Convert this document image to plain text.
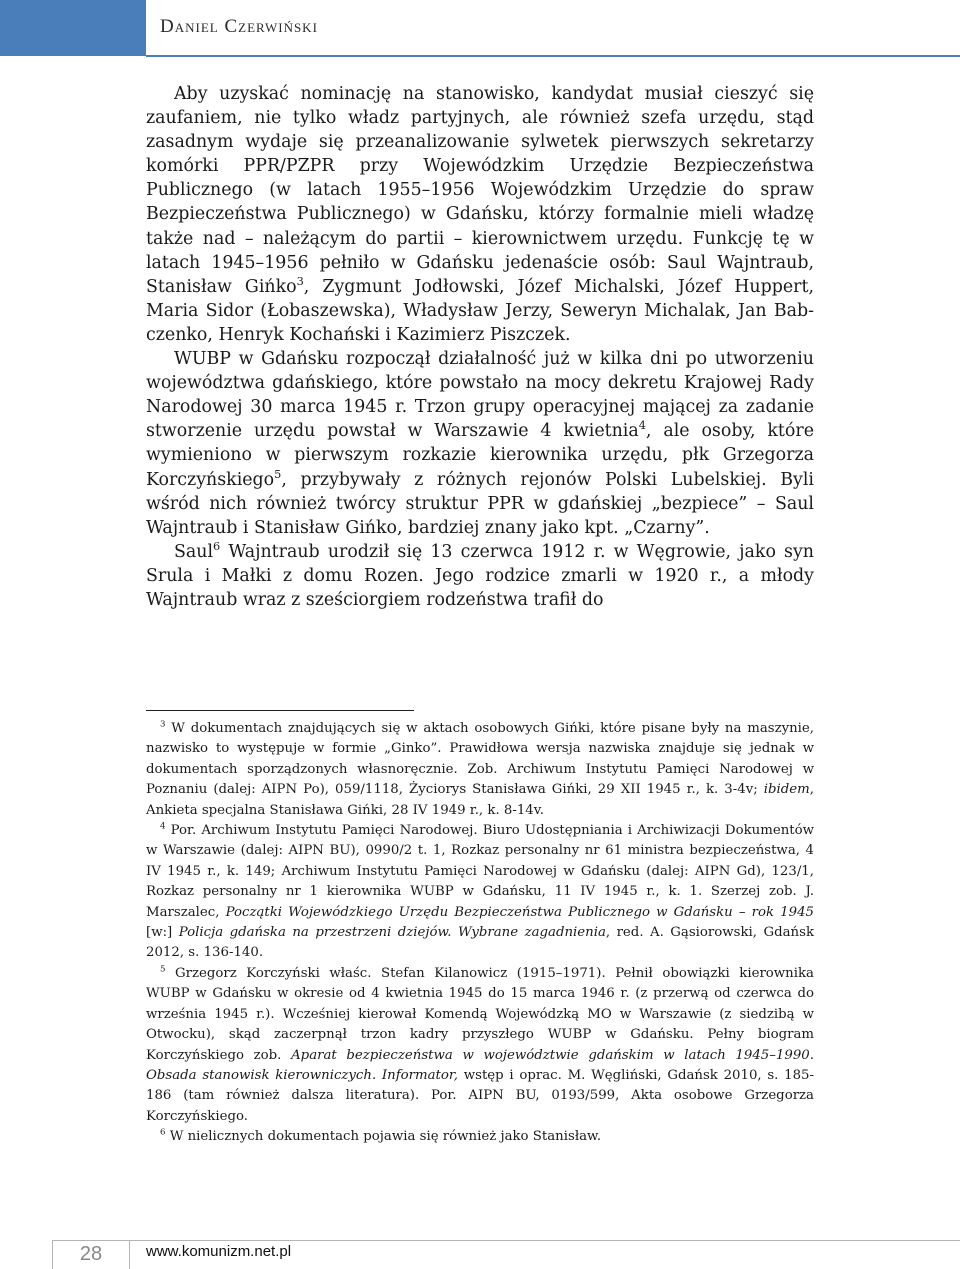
Daniel Czerwiński

Aby uzyskać nominację na stanowisko, kandydat musiał cieszyć się zaufaniem, nie tylko władz partyjnych, ale również szefa urzędu, stąd zasadnym wydaje się przeanalizowanie sylwetek pierwszych sekretarzy komórki PPR/PZPR przy Wojewódzkim Urzędzie Bezpieczeństwa Publicznego (w latach 1955–1956 Wojewódzkim Urzędzie do spraw Bezpieczeństwa Publicznego) w Gdańsku, którzy formalnie mieli władzę także nad – należącym do partii – kierownictwem urzędu. Funkcję tę w latach 1945–1956 pełniło w Gdańsku jedenaście osób: Saul Wajntraub, Stanisław Gińko$^3$, Zygmunt Jodłowski, Józef Michalski, Józef Huppert, Maria Sidor (Łobaszewska), Władysław Jerzy, Seweryn Michalak, Jan Babczenko, Henryk Kochański i Kazimierz Piszczek.

WUBP w Gdańsku rozpoczął działalność już w kilka dni po utworzeniu województwa gdańskiego, które powstało na mocy dekretu Krajowej Rady Narodowej 30 marca 1945 r. Trzon grupy operacyjnej mającej za zadanie stworzenie urzędu powstał w Warszawie 4 kwietnia$^4$, ale osoby, które wymieniono w pierwszym rozkazie kierownika urzędu, płk Grzegorza Korczyńskiego$^5$, przybywały z różnych rejonów Polski Lubelskiej. Byli wśród nich również twórcy struktur PPR w gdańskiej „bezpiece” – Saul Wajntraub i Stanisław Gińko, bardziej znany jako kpt. „Czarny”.

Saul$^6$ Wajntraub urodził się 13 czerwca 1912 r. w Węgrowie, jako syn Srula i Małki z domu Rozen. Jego rodzice zmarli w 1920 r., a młody Wajntraub wraz z sześciorgiem rodzeństwa trafił do

$^3$ W dokumentach znajdujących się w aktach osobowych Gińki, które pisane były na maszynie, nazwisko to występuje w formie „Ginko”. Prawidłowa wersja nazwiska znajduje się jednak w dokumentach sporządzonych własnoręcznie. Zob. Archiwum Instytutu Pamięci Narodowej w Poznaniu (dalej: AIPN Po), 059/1118, Życiorys Stanisława Gińki, 29 XII 1945 r., k. 3-4v; ibidem, Ankieta specjalna Stanisława Gińki, 28 IV 1949 r., k. 8-14v.

$^4$ Por. Archiwum Instytutu Pamięci Narodowej. Biuro Udostępniania i Archiwizacji Dokumentów w Warszawie (dalej: AIPN BU), 0990/2 t. 1, Rozkaz personalny nr 61 ministra bezpieczeństwa, 4 IV 1945 r., k. 149; Archiwum Instytutu Pamięci Narodowej w Gdańsku (dalej: AIPN Gd), 123/1, Rozkaz personalny nr 1 kierownika WUBP w Gdańsku, 11 IV 1945 r., k. 1. Szerzej zob. J. Marszalec, Początki Wojewódzkiego Urzędu Bezpieczeństwa Publicznego w Gdańsku – rok 1945 [w:] Policja gdańska na przestrzeni dziejów. Wybrane zagadnienia, red. A. Gąsiorowski, Gdańsk 2012, s. 136-140.

$^5$ Grzegorz Korczyński właśc. Stefan Kilanowicz (1915–1971). Pełnił obowiązki kierownika WUBP w Gdańsku w okresie od 4 kwietnia 1945 do 15 marca 1946 r. (z przerwą od czerwca do września 1945 r.). Wcześniej kierował Komendą Wojewódzką MO w Warszawie (z siedzibą w Otwocku), skąd zaczerpnął trzon kadry przyszłego WUBP w Gdańsku. Pełny biogram Korczyńskiego zob. Aparat bezpieczeństwa w województwie gdańskim w latach 1945–1990. Obsada stanowisk kierowniczych. Informator, wstęp i oprac. M. Węgliński, Gdańsk 2010, s. 185-186 (tam również dalsza literatura). Por. AIPN BU, 0193/599, Akta osobowe Grzegorza Korczyńskiego.

$^6$ W nielicznych dokumentach pojawia się również jako Stanisław.

28	www.komunizm.net.pl
